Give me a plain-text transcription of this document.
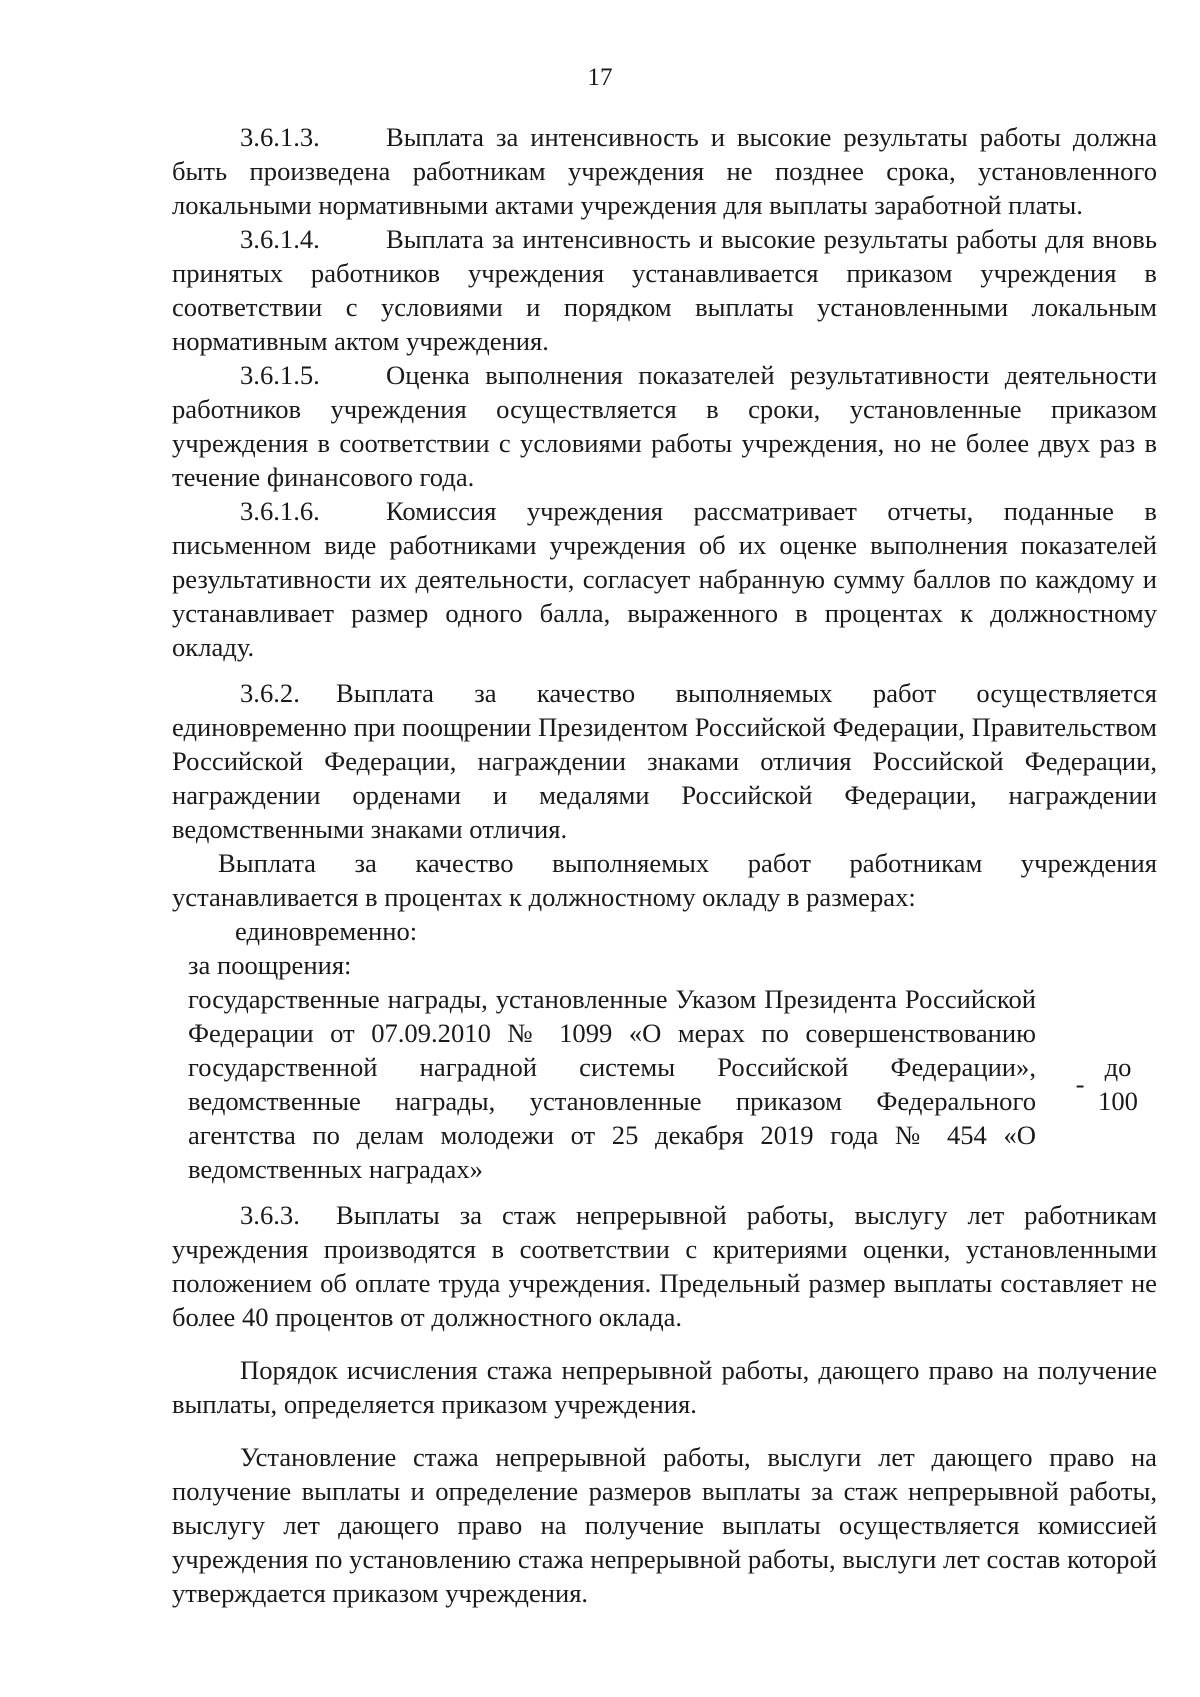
17

3.6.1.3. Выплата за интенсивность и высокие результаты работы должна быть произведена работникам учреждения не позднее срока, установленного локальными нормативными актами учреждения для выплаты заработной платы.

3.6.1.4. Выплата за интенсивность и высокие результаты работы для вновь принятых работников учреждения устанавливается приказом учреждения в соответствии с условиями и порядком выплаты установленными локальным нормативным актом учреждения.

3.6.1.5. Оценка выполнения показателей результативности деятельности работников учреждения осуществляется в сроки, установленные приказом учреждения в соответствии с условиями работы учреждения, но не более двух раз в течение финансового года.

3.6.1.6. Комиссия учреждения рассматривает отчеты, поданные в письменном виде работниками учреждения об их оценке выполнения показателей результативности их деятельности, согласует набранную сумму баллов по каждому и устанавливает размер одного балла, выраженного в процентах к должностному окладу.

3.6.2. Выплата за качество выполняемых работ осуществляется единовременно при поощрении Президентом Российской Федерации, Правительством Российской Федерации, награждении знаками отличия Российской Федерации, награждении орденами и медалями Российской Федерации, награждении ведомственными знаками отличия.

Выплата за качество выполняемых работ работникам учреждения устанавливается в процентах к должностному окладу в размерах:

единовременно:

за поощрения:

государственные награды, установленные Указом Президента Российской Федерации от 07.09.2010 № 1099 «О мерах по совершенствованию государственной наградной системы Российской Федерации», ведомственные награды, установленные приказом Федерального агентства по делам молодежи от 25 декабря 2019 года № 454 «О ведомственных наградах»

-
до
100

3.6.3. Выплаты за стаж непрерывной работы, выслугу лет работникам учреждения производятся в соответствии с критериями оценки, установленными положением об оплате труда учреждения. Предельный размер выплаты составляет не более 40 процентов от должностного оклада.

Порядок исчисления стажа непрерывной работы, дающего право на получение выплаты, определяется приказом учреждения.

Установление стажа непрерывной работы, выслуги лет дающего право на получение выплаты и определение размеров выплаты за стаж непрерывной работы, выслугу лет дающего право на получение выплаты осуществляется комиссией учреждения по установлению стажа непрерывной работы, выслуги лет состав которой утверждается приказом учреждения.
